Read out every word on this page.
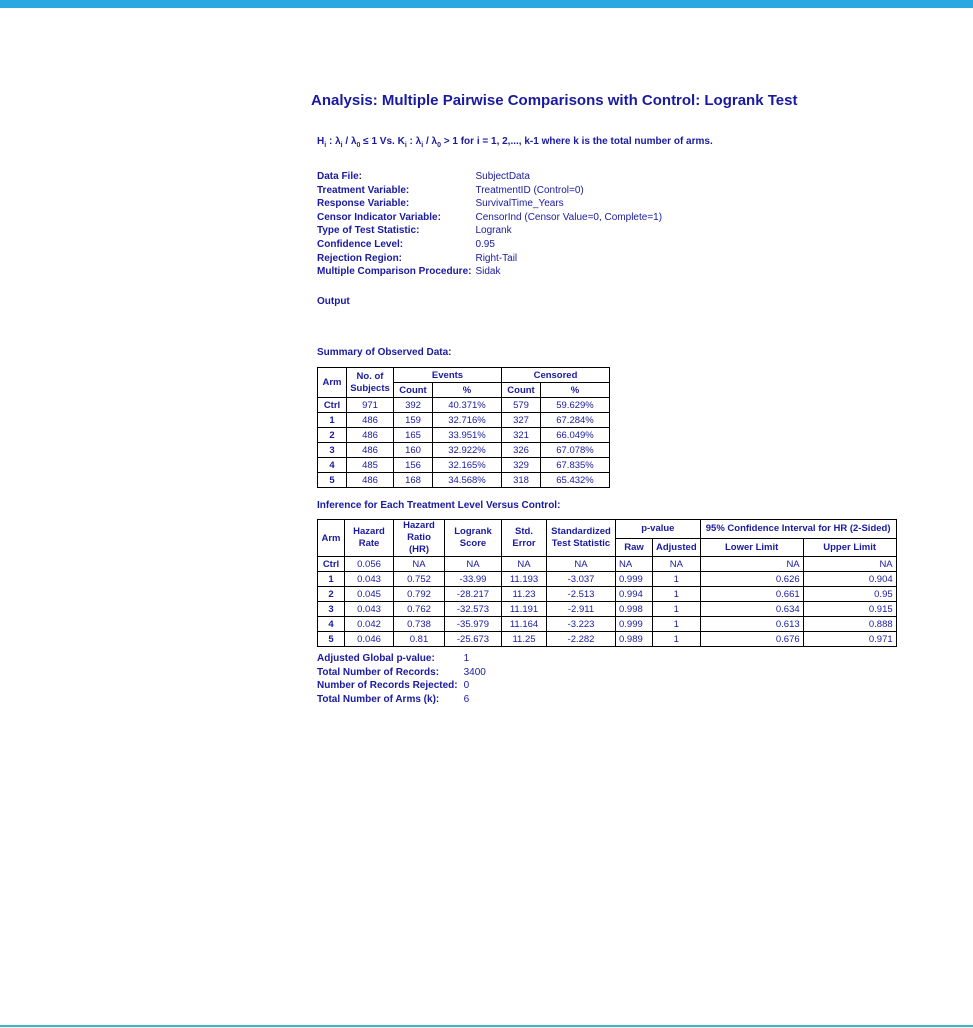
Analysis: Multiple Pairwise Comparisons with Control: Logrank Test
$H_i$ : $\lambda_i / \lambda_0 \le 1$ Vs. $K_i$ : $\lambda_i / \lambda_0 > 1$ for i = 1, 2,..., k-1 where k is the total number of arms.
Data File:	SubjectData
Treatment Variable:	TreatmentID (Control=0)
Response Variable:	SurvivalTime_Years
Censor Indicator Variable:	CensorInd (Censor Value=0, Complete=1)
Type of Test Statistic:	Logrank
Confidence Level:	0.95
Rejection Region:	Right-Tail
Multiple Comparison Procedure:	Sidak
Output
Summary of Observed Data:
Arm	No. of Subjects	Events		Censored	
		Count	%	Count	%
Ctrl	971	392	40.371%	579	59.629%
1	486	159	32.716%	327	67.284%
2	486	165	33.951%	321	66.049%
3	486	160	32.922%	326	67.078%
4	485	156	32.165%	329	67.835%
5	486	168	34.568%	318	65.432%
Inference for Each Treatment Level Versus Control:
Arm	Hazard Rate	Hazard Ratio (HR)	Logrank Score	Std. Error	Standardized Test Statistic	p-value		95% Confidence Interval for HR (2-Sided)	
						Raw	Adjusted	Lower Limit	Upper Limit
Ctrl	0.056	NA	NA	NA	NA	NA	NA	NA	NA
1	0.043	0.752	-33.99	11.193	-3.037	0.999	1	0.626	0.904
2	0.045	0.792	-28.217	11.23	-2.513	0.994	1	0.661	0.95
3	0.043	0.762	-32.573	11.191	-2.911	0.998	1	0.634	0.915
4	0.042	0.738	-35.979	11.164	-3.223	0.999	1	0.613	0.888
5	0.046	0.81	-25.673	11.25	-2.282	0.989	1	0.676	0.971
Adjusted Global p-value:	1
Total Number of Records:	3400
Number of Records Rejected:	0
Total Number of Arms (k):	6
